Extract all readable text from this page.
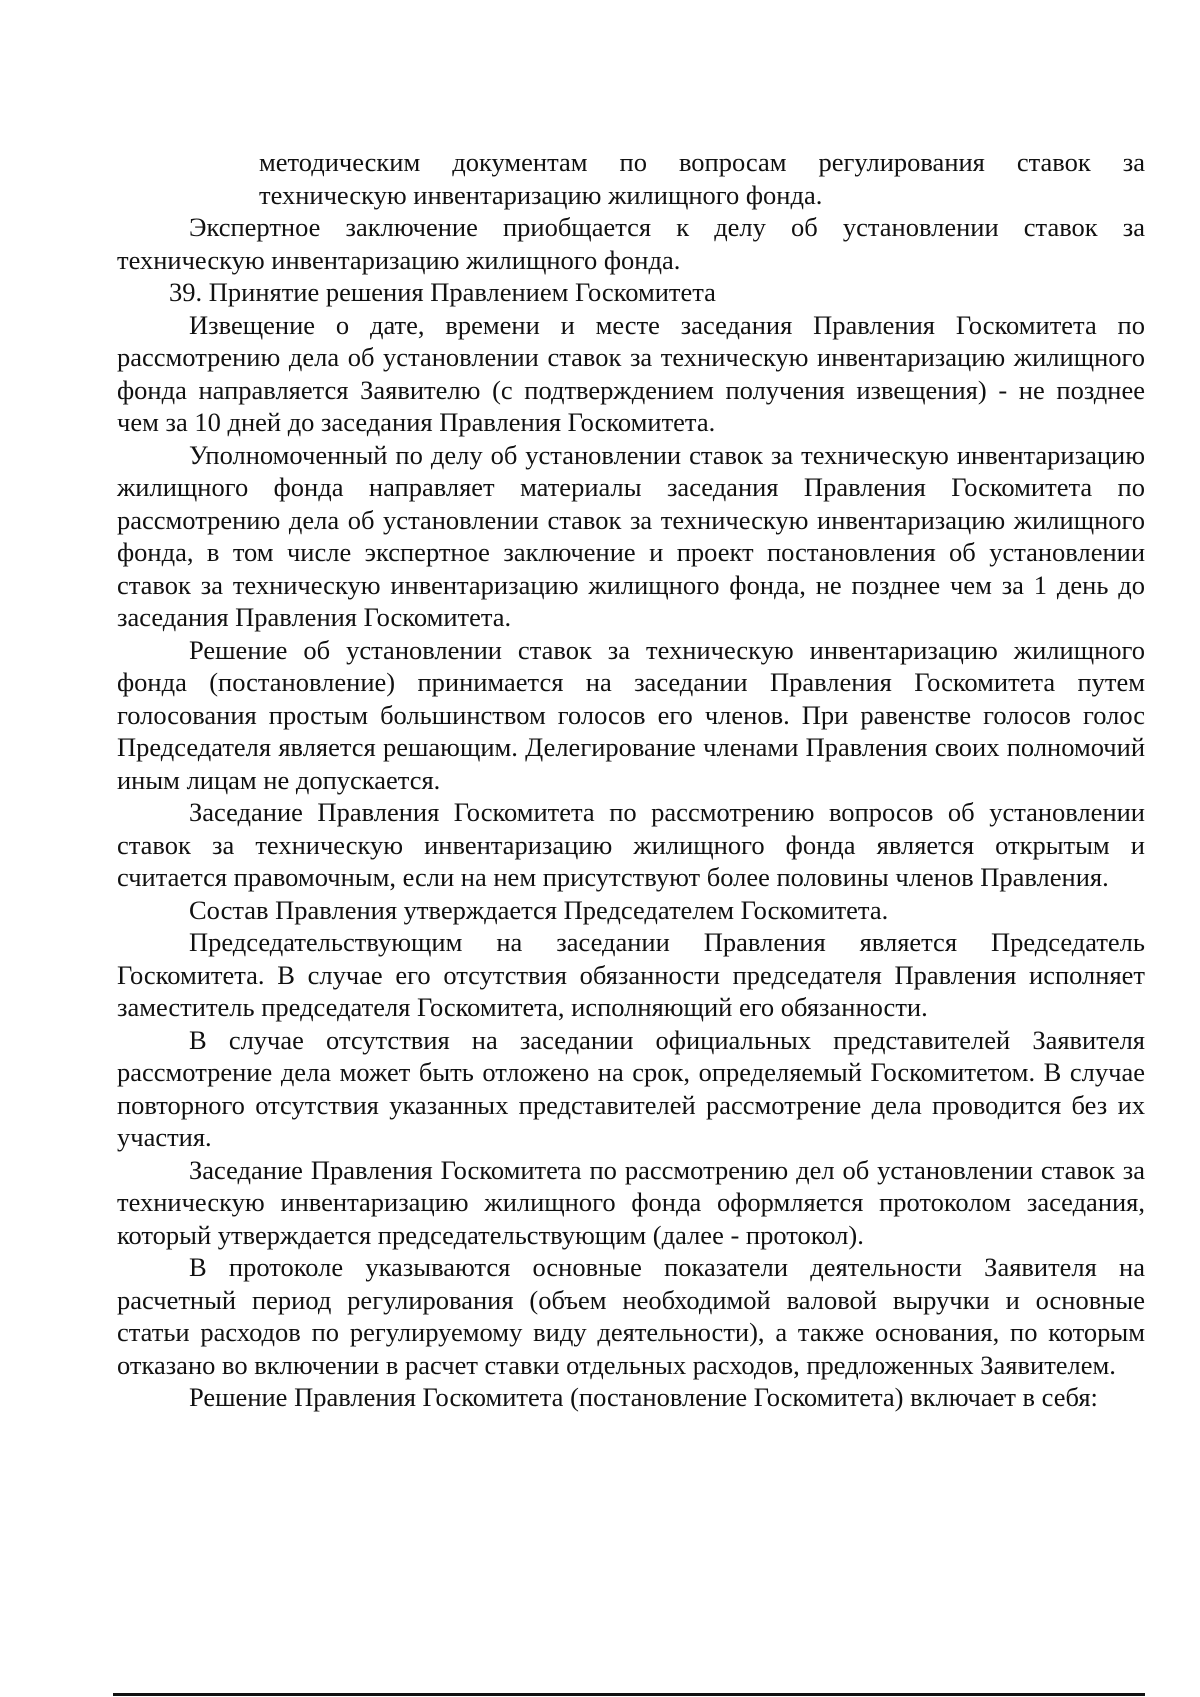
методическим документам по вопросам регулирования ставок за техническую инвентаризацию жилищного фонда.

Экспертное заключение приобщается к делу об установлении ставок за техническую инвентаризацию жилищного фонда.

39. Принятие решения Правлением Госкомитета

Извещение о дате, времени и месте заседания Правления Госкомитета по рассмотрению дела об установлении ставок за техническую инвентаризацию жилищного фонда направляется Заявителю (с подтверждением получения извещения) - не позднее чем за 10 дней до заседания Правления Госкомитета.

Уполномоченный по делу об установлении ставок за техническую инвентаризацию жилищного фонда направляет материалы заседания Правления Госкомитета по рассмотрению дела об установлении ставок за техническую инвентаризацию жилищного фонда, в том числе экспертное заключение и проект постановления об установлении ставок за техническую инвентаризацию жилищного фонда, не позднее чем за 1 день до заседания Правления Госкомитета.

Решение об установлении ставок за техническую инвентаризацию жилищного фонда (постановление) принимается на заседании Правления Госкомитета путем голосования простым большинством голосов его членов. При равенстве голосов голос Председателя является решающим. Делегирование членами Правления своих полномочий иным лицам не допускается.

Заседание Правления Госкомитета по рассмотрению вопросов об установлении ставок за техническую инвентаризацию жилищного фонда является открытым и считается правомочным, если на нем присутствуют более половины членов Правления.

Состав Правления утверждается Председателем Госкомитета.

Председательствующим на заседании Правления является Председатель Госкомитета. В случае его отсутствия обязанности председателя Правления исполняет заместитель председателя Госкомитета, исполняющий его обязанности.

В случае отсутствия на заседании официальных представителей Заявителя рассмотрение дела может быть отложено на срок, определяемый Госкомитетом. В случае повторного отсутствия указанных представителей рассмотрение дела проводится без их участия.

Заседание Правления Госкомитета по рассмотрению дел об установлении ставок за техническую инвентаризацию жилищного фонда оформляется протоколом заседания, который утверждается председательствующим (далее - протокол).

В протоколе указываются основные показатели деятельности Заявителя на расчетный период регулирования (объем необходимой валовой выручки и основные статьи расходов по регулируемому виду деятельности), а также основания, по которым отказано во включении в расчет ставки отдельных расходов, предложенных Заявителем.

Решение Правления Госкомитета (постановление Госкомитета) включает в себя:
